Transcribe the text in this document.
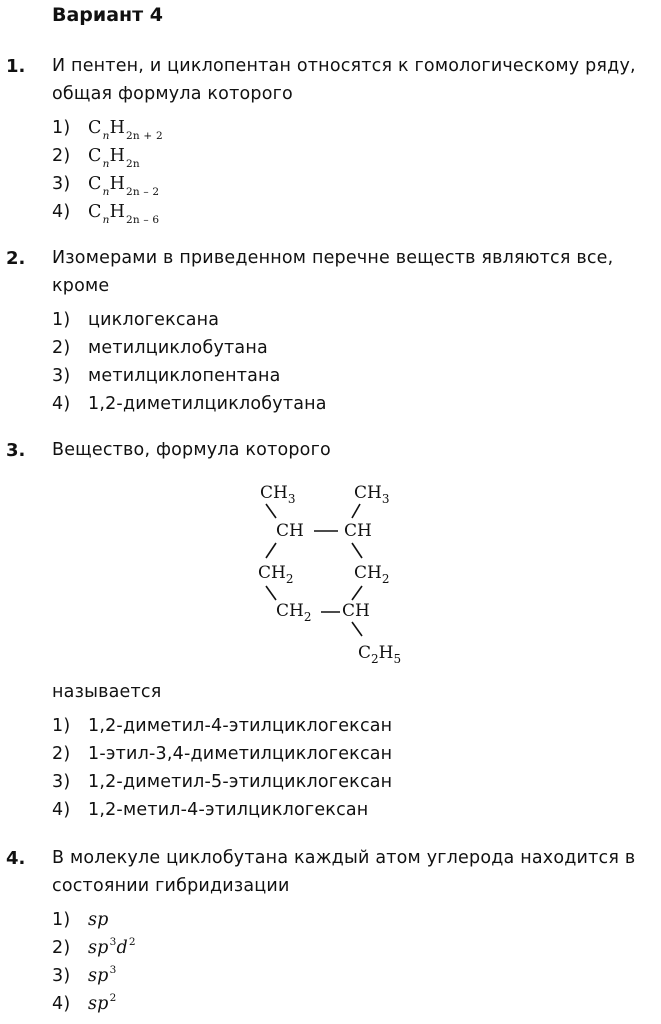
Вариант 4
1. И пентен, и циклопентан относятся к гомологическому ряду, общая формула которого
1) $C_nH_{2n + 2}$
2) $C_nH_{2n}$
3) $C_nH_{2n - 2}$
4) $C_nH_{2n - 6}$
2. Изомерами в приведенном перечне веществ являются все, кроме
1) циклогексана
2) метилциклобутана
3) метилциклопентана
4) 1,2-диметилциклобутана
3. Вещество, формула которого
$CH_3$	$CH_3$
CH CH
$CH_2$	$CH_2$
$CH_2$ CH
$C_2H_5$
называется
1) 1,2-диметил-4-этилциклогексан
2) 1-этил-3,4-диметилциклогексан
3) 1,2-диметил-5-этилциклогексан
4) 1,2-метил-4-этилциклогексан
4. В молекуле циклобутана каждый атом углерода находится в состоянии гибридизации
1) sp
2) $sp^3d^2$
3) $sp^3$
4) $sp^2$
